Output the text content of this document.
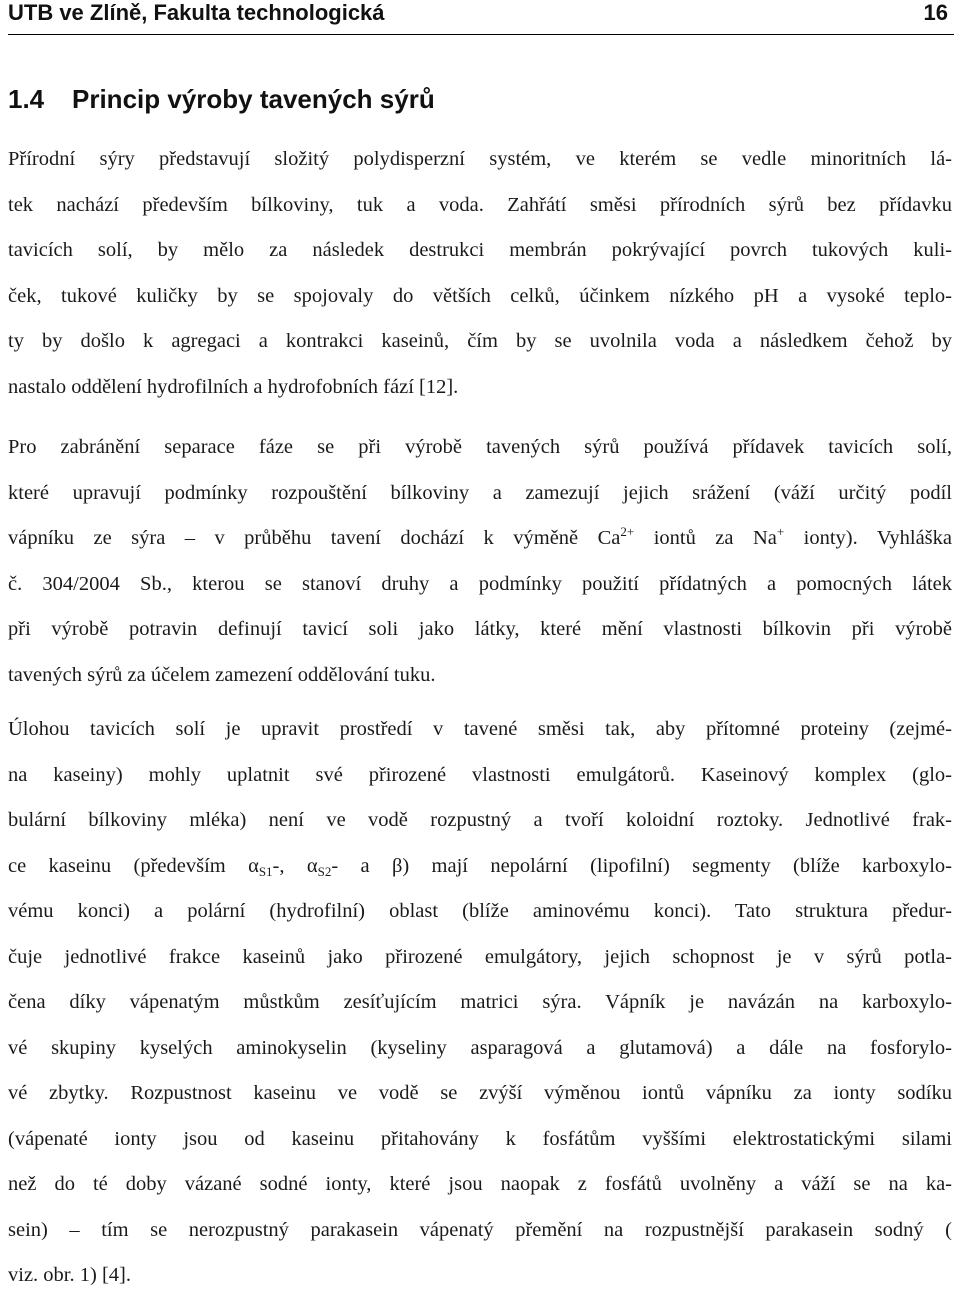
UTB ve Zlíně, Fakulta technologická	16
1.4 Princip výroby tavených sýrů
Přírodní sýry představují složitý polydisperzní systém, ve kterém se vedle minoritních lá-
tek nachází především bílkoviny, tuk a voda. Zahřátí směsi přírodních sýrů bez přídavku
tavicích solí, by mělo za následek destrukci membrán pokrývající povrch tukových kuli-
ček, tukové kuličky by se spojovaly do větších celků, účinkem nízkého pH a vysoké teplo-
ty by došlo k agregaci a kontrakci kaseinů, čím by se uvolnila voda a následkem čehož by
nastalo oddělení hydrofilních a hydrofobních fází [12].
Pro zabránění separace fáze se při výrobě tavených sýrů používá přídavek tavicích solí,
které upravují podmínky rozpouštění bílkoviny a zamezují jejich srážení (váží určitý podíl
vápníku ze sýra – v průběhu tavení dochází k výměně $Ca^{2+}$ iontů za Na+ ionty). Vyhláška
č. 304/2004 Sb., kterou se stanoví druhy a podmínky použití přídatných a pomocných látek
při výrobě potravin definují tavicí soli jako látky, které mění vlastnosti bílkovin při výrobě
tavených sýrů za účelem zamezení oddělování tuku.
Úlohou tavicích solí je upravit prostředí v tavené směsi tak, aby přítomné proteiny (zejmé-
na kaseiny) mohly uplatnit své přirozené vlastnosti emulgátorů. Kaseinový komplex (glo-
bulární bílkoviny mléka) není ve vodě rozpustný a tvoří koloidní roztoky. Jednotlivé frak-
ce kaseinu (především $\alpha_{S1}-$, $\alpha_{S2}-$ a β) mají nepolární (lipofilní) segmenty (blíže karboxylo-
vému konci) a polární (hydrofilní) oblast (blíže aminovému konci). Tato struktura předur-
čuje jednotlivé frakce kaseinů jako přirozené emulgátory, jejich schopnost je v sýrů potla-
čena díky vápenatým můstkům zesíťujícím matrici sýra. Vápník je navázán na karboxylo-
vé skupiny kyselých aminokyselin (kyseliny asparagová a glutamová) a dále na fosforylo-
vé zbytky. Rozpustnost kaseinu ve vodě se zvýší výměnou iontů vápníku za ionty sodíku
(vápenaté ionty jsou od kaseinu přitahovány k fosfátům vyššími elektrostatickými silami
než do té doby vázané sodné ionty, které jsou naopak z fosfátů uvolněny a váží se na ka-
sein) – tím se nerozpustný parakasein vápenatý přemění na rozpustnější parakasein sodný (
viz. obr. 1) [4].
